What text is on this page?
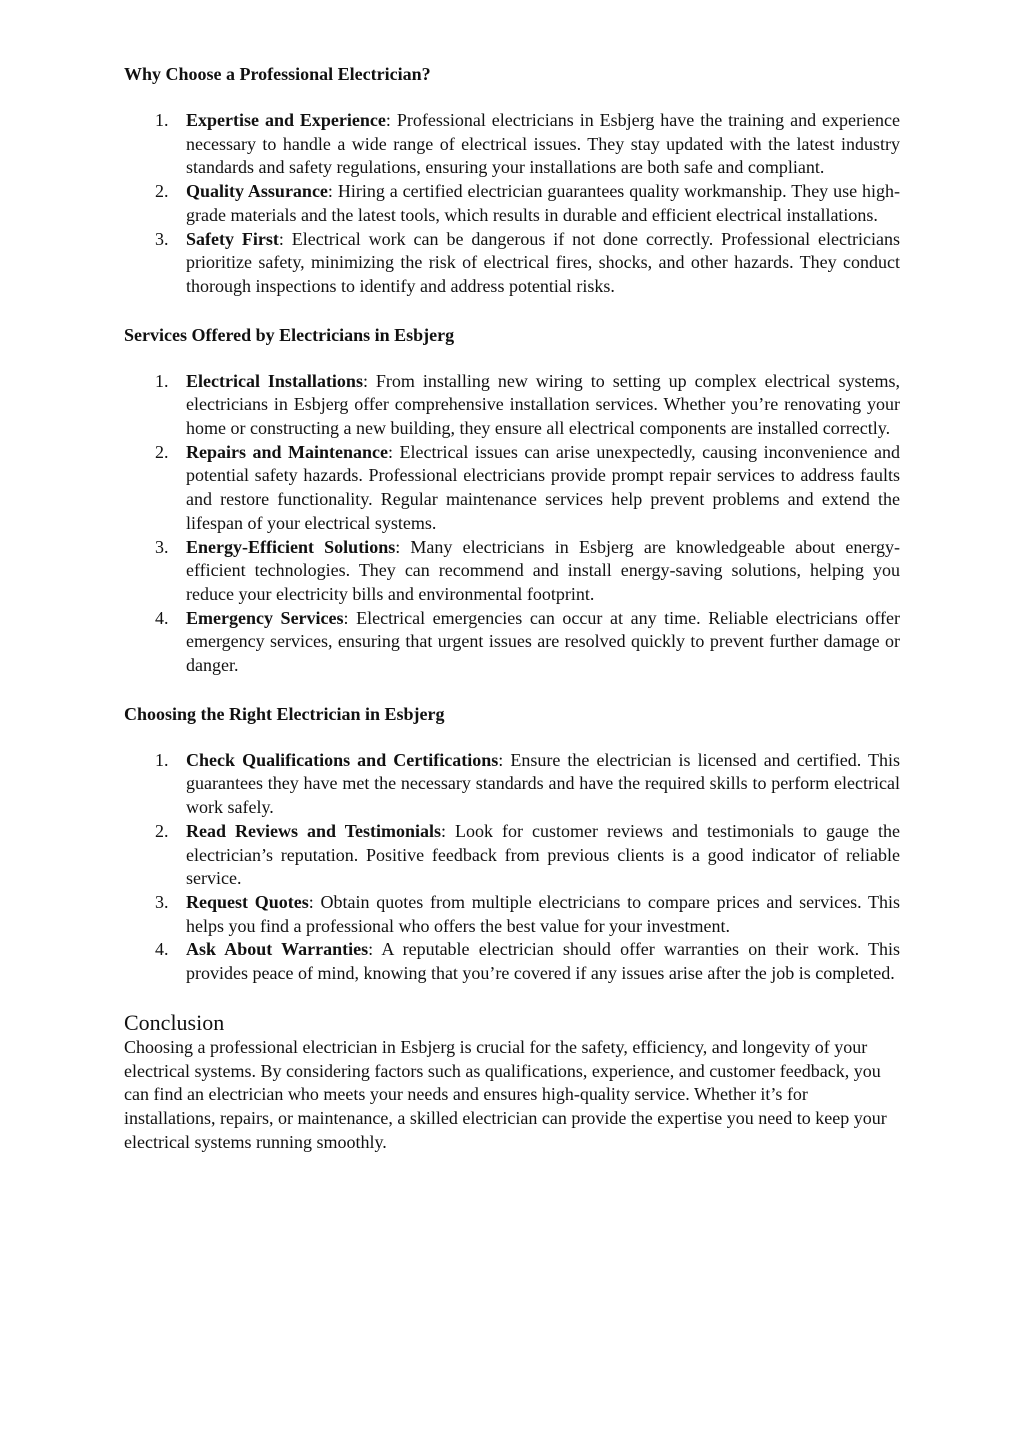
Why Choose a Professional Electrician?
1. Expertise and Experience: Professional electricians in Esbjerg have the training and experience necessary to handle a wide range of electrical issues. They stay updated with the latest industry standards and safety regulations, ensuring your installations are both safe and compliant.
2. Quality Assurance: Hiring a certified electrician guarantees quality workmanship. They use high-grade materials and the latest tools, which results in durable and efficient electrical installations.
3. Safety First: Electrical work can be dangerous if not done correctly. Professional electricians prioritize safety, minimizing the risk of electrical fires, shocks, and other hazards. They conduct thorough inspections to identify and address potential risks.
Services Offered by Electricians in Esbjerg
1. Electrical Installations: From installing new wiring to setting up complex electrical systems, electricians in Esbjerg offer comprehensive installation services. Whether you’re renovating your home or constructing a new building, they ensure all electrical components are installed correctly.
2. Repairs and Maintenance: Electrical issues can arise unexpectedly, causing inconvenience and potential safety hazards. Professional electricians provide prompt repair services to address faults and restore functionality. Regular maintenance services help prevent problems and extend the lifespan of your electrical systems.
3. Energy-Efficient Solutions: Many electricians in Esbjerg are knowledgeable about energy-efficient technologies. They can recommend and install energy-saving solutions, helping you reduce your electricity bills and environmental footprint.
4. Emergency Services: Electrical emergencies can occur at any time. Reliable electricians offer emergency services, ensuring that urgent issues are resolved quickly to prevent further damage or danger.
Choosing the Right Electrician in Esbjerg
1. Check Qualifications and Certifications: Ensure the electrician is licensed and certified. This guarantees they have met the necessary standards and have the required skills to perform electrical work safely.
2. Read Reviews and Testimonials: Look for customer reviews and testimonials to gauge the electrician’s reputation. Positive feedback from previous clients is a good indicator of reliable service.
3. Request Quotes: Obtain quotes from multiple electricians to compare prices and services. This helps you find a professional who offers the best value for your investment.
4. Ask About Warranties: A reputable electrician should offer warranties on their work. This provides peace of mind, knowing that you’re covered if any issues arise after the job is completed.
Conclusion

Choosing a professional electrician in Esbjerg is crucial for the safety, efficiency, and longevity of your electrical systems. By considering factors such as qualifications, experience, and customer feedback, you can find an electrician who meets your needs and ensures high-quality service. Whether it’s for installations, repairs, or maintenance, a skilled electrician can provide the expertise you need to keep your electrical systems running smoothly.
